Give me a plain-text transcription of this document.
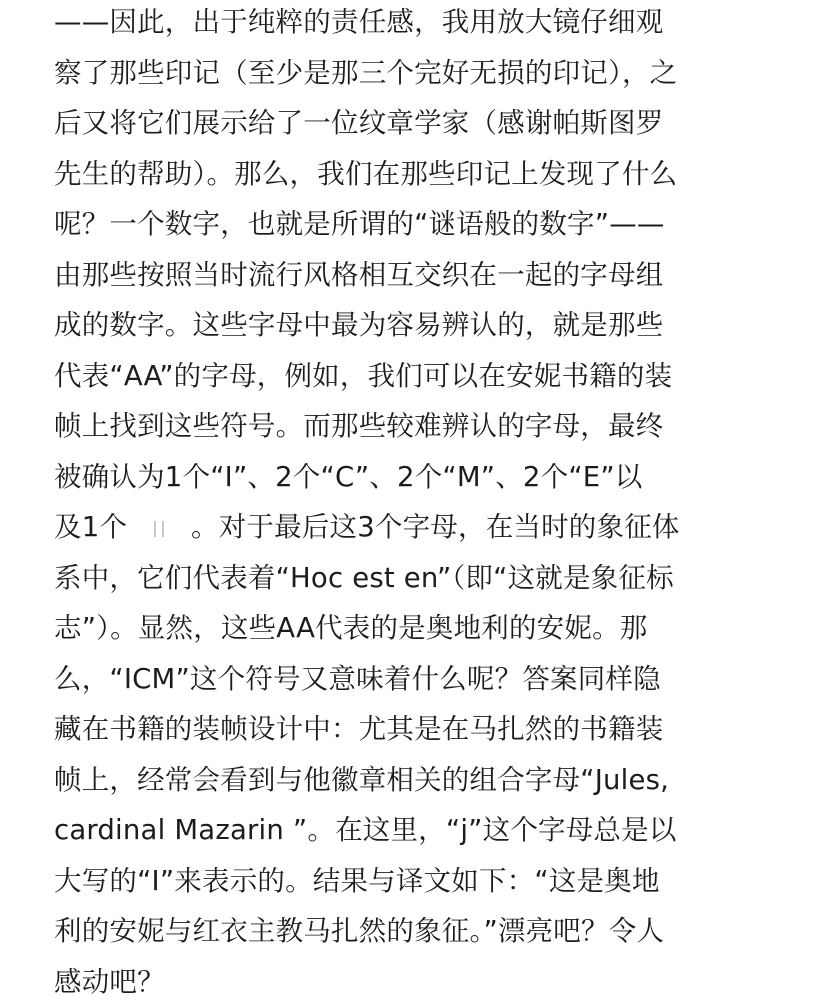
——因此，出于纯粹的责任感，我用放大镜仔细观
察了那些印记（至少是那三个完好无损的印记），之
后又将它们展示给了一位纹章学家（感谢帕斯图罗
先生的帮助）。那么，我们在那些印记上发现了什么
呢？一个数字，也就是所谓的“谜语般的数字”——
由那些按照当时流行风格相互交织在一起的字母组
成的数字。这些字母中最为容易辨认的，就是那些
代表“AA”的字母，例如，我们可以在安妮书籍的装
帧上找到这些符号。而那些较难辨认的字母，最终
被确认为1个“I”、2个“C”、2个“M”、2个“E”以
及1个 。对于最后这3个字母，在当时的象征体
系中，它们代表着“Hoc est en”（即“这就是象征标
志”）。显然，这些AA代表的是奥地利的安妮。那
么，“ICM”这个符号又意味着什么呢？答案同样隐
藏在书籍的装帧设计中：尤其是在马扎然的书籍装
帧上，经常会看到与他徽章相关的组合字母“Jules,
cardinal Mazarin ”。在这里，“j”这个字母总是以
大写的“I”来表示的。结果与译文如下：“这是奥地
利的安妮与红衣主教马扎然的象征。”漂亮吧？令人
感动吧？
